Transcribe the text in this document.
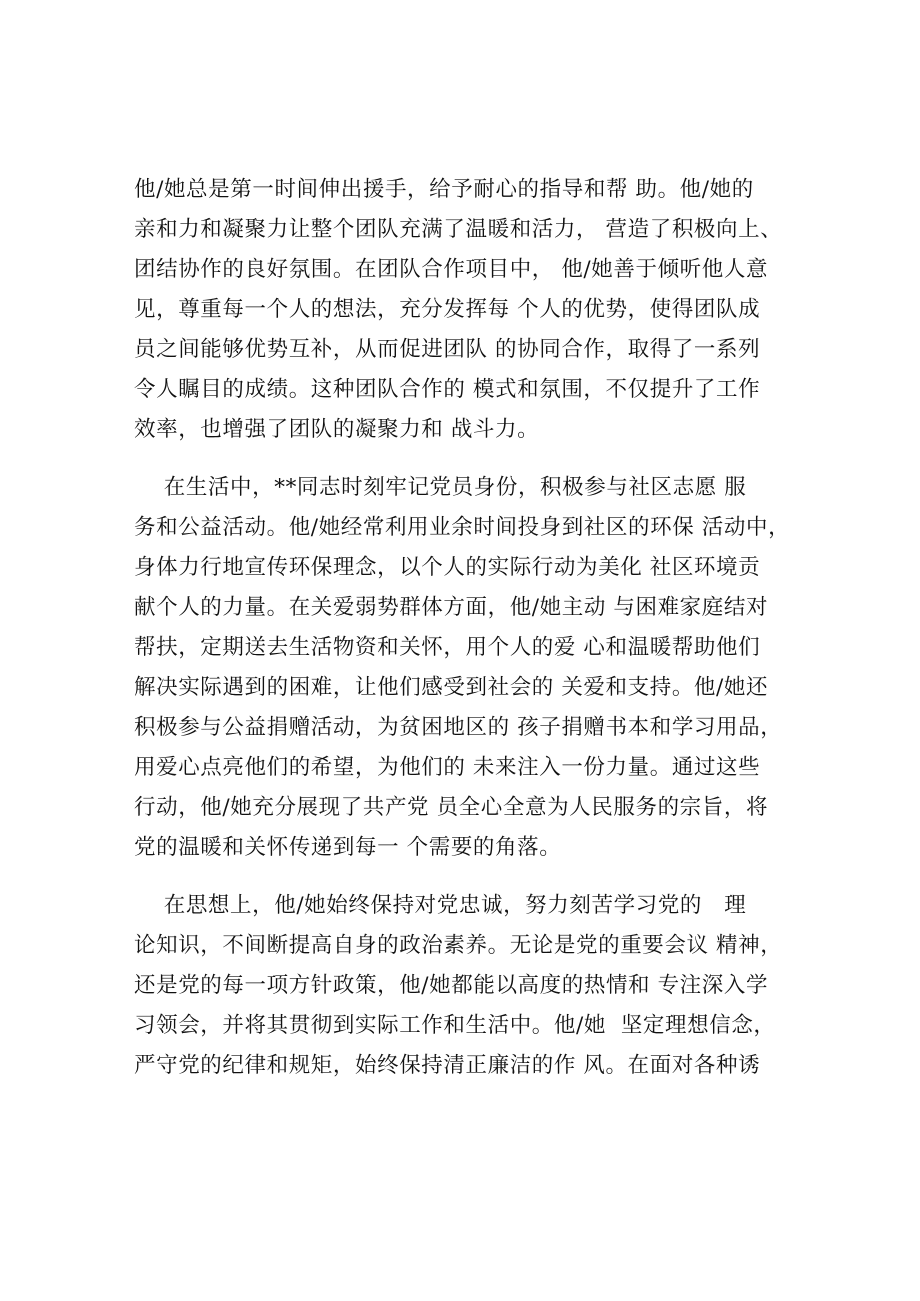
他/她总是第一时间伸出援手，给予耐心的指导和帮 助。他/她的
亲和力和凝聚力让整个团队充满了温暖和活力， 营造了积极向上、
团结协作的良好氛围。在团队合作项目中， 他/她善于倾听他人意
见，尊重每一个人的想法，充分发挥每 个人的优势，使得团队成
员之间能够优势互补，从而促进团队 的协同合作，取得了一系列
令人瞩目的成绩。这种团队合作的 模式和氛围，不仅提升了工作
效率，也增强了团队的凝聚力和 战斗力。
在生活中，**同志时刻牢记党员身份，积极参与社区志愿 服
务和公益活动。他/她经常利用业余时间投身到社区的环保 活动中，
身体力行地宣传环保理念，以个人的实际行动为美化 社区环境贡
献个人的力量。在关爱弱势群体方面，他/她主动 与困难家庭结对
帮扶，定期送去生活物资和关怀，用个人的爱 心和温暖帮助他们
解决实际遇到的困难，让他们感受到社会的 关爱和支持。他/她还
积极参与公益捐赠活动，为贫困地区的 孩子捐赠书本和学习用品，
用爱心点亮他们的希望，为他们的 未来注入一份力量。通过这些
行动，他/她充分展现了共产党 员全心全意为人民服务的宗旨，将
党的温暖和关怀传递到每一 个需要的角落。
在思想上，他/她始终保持对党忠诚，努力刻苦学习党的   理
论知识，不间断提高自身的政治素养。无论是党的重要会议 精神，
还是党的每一项方针政策，他/她都能以高度的热情和 专注深入学
习领会，并将其贯彻到实际工作和生活中。他/她  坚定理想信念，
严守党的纪律和规矩，始终保持清正廉洁的作 风。在面对各种诱
